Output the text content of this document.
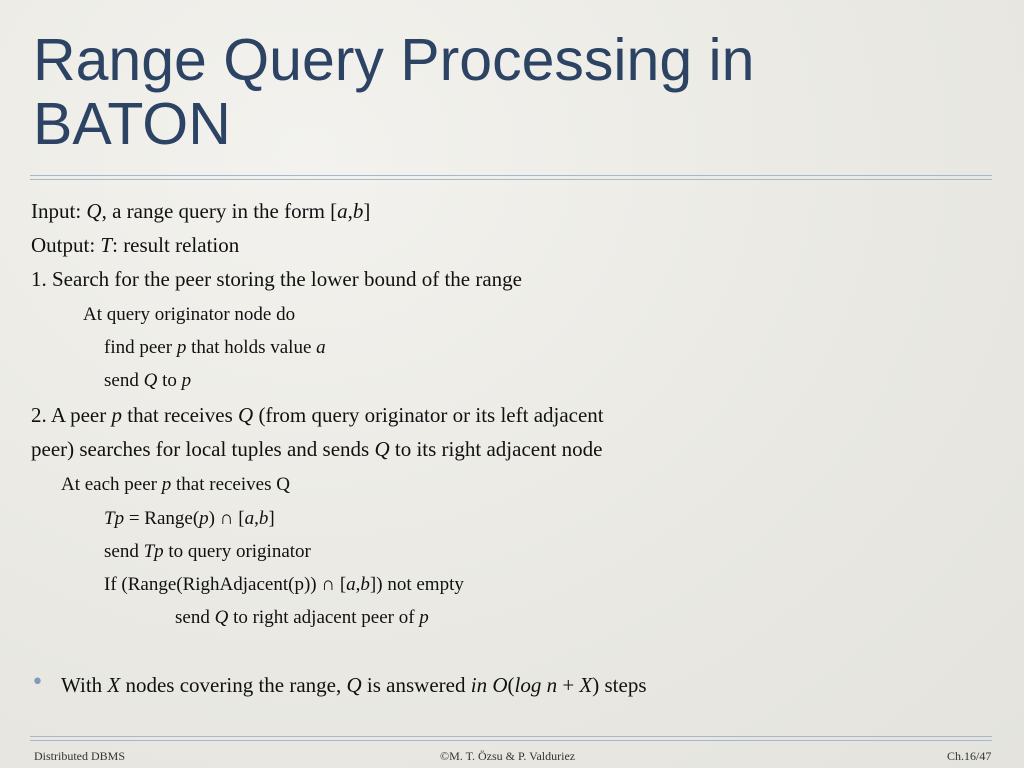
Range Query Processing in
BATON
Input: Q, a range query in the form [a,b]
Output: T: result relation
1. Search for the peer storing the lower bound of the range
At query originator node do
find peer p that holds value a
send Q to p
2. A peer p that receives Q (from query originator or its left adjacent
peer) searches for local tuples and sends Q to its right adjacent node
At each peer p that receives Q
Tp = Range(p) ∩ [a,b]
send Tp to query originator
If (Range(RighAdjacent(p)) ∩ [a,b]) not empty
send Q to right adjacent peer of p
• With X nodes covering the range, Q is answered in O(log n + X) steps
Distributed DBMS	©M. T. Özsu & P. Valduriez	Ch.16/47
